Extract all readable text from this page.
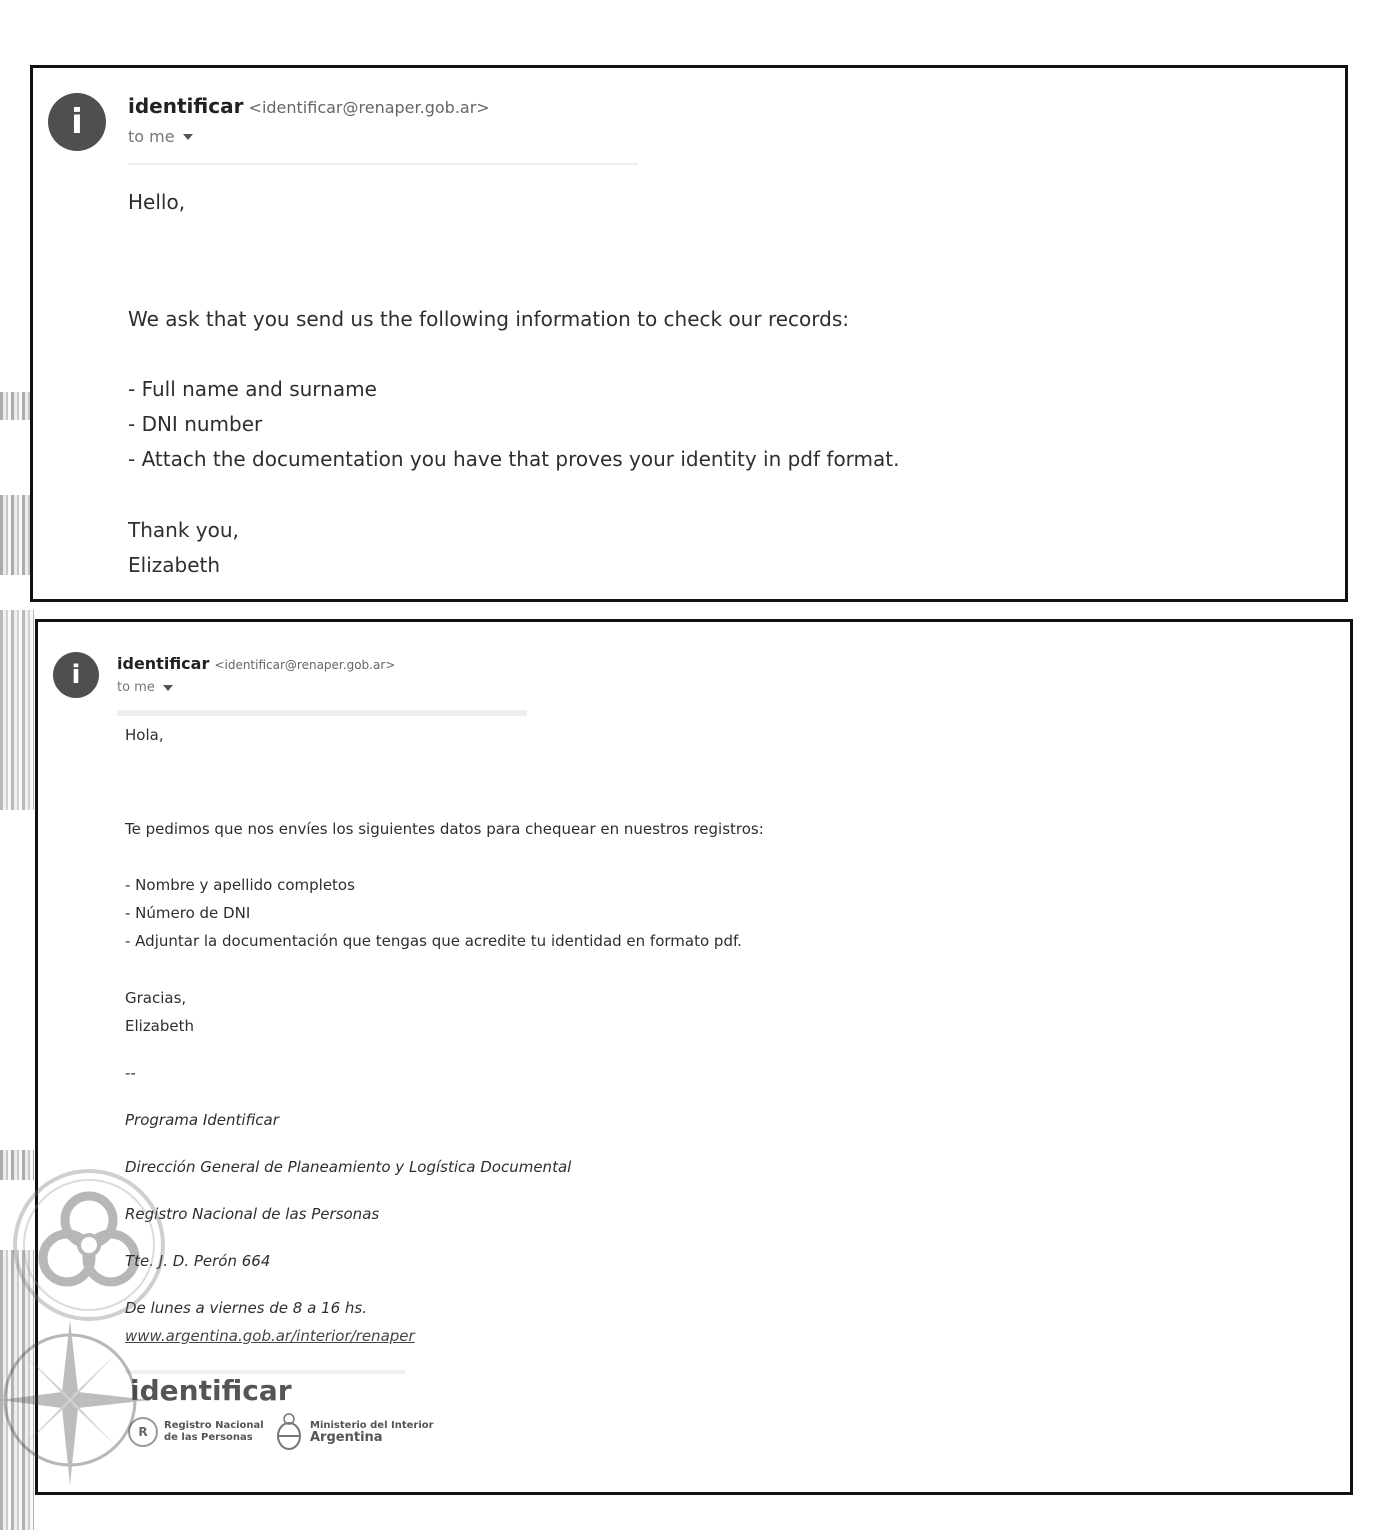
i	identificar <identificar@renaper.gob.ar>
to me
Hello,
We ask that you send us the following information to check our records:
- Full name and surname
- DNI number
- Attach the documentation you have that proves your identity in pdf format.
Thank you,
Elizabeth
i	identificar <identificar@renaper.gob.ar>
to me
Hola,
Te pedimos que nos envíes los siguientes datos para chequear en nuestros registros:
- Nombre y apellido completos
- Número de DNI
- Adjuntar la documentación que tengas que acredite tu identidad en formato pdf.
Gracias,
Elizabeth
--
Programa Identificar
Dirección General de Planeamiento y Logística Documental
Registro Nacional de las Personas
Tte. J. D. Perón 664
De lunes a viernes de 8 a 16 hs.
www.argentina.gob.ar/interior/renaper
identificar
R	Registro Nacional
de las Personas
Ministerio del Interior
Argentina
